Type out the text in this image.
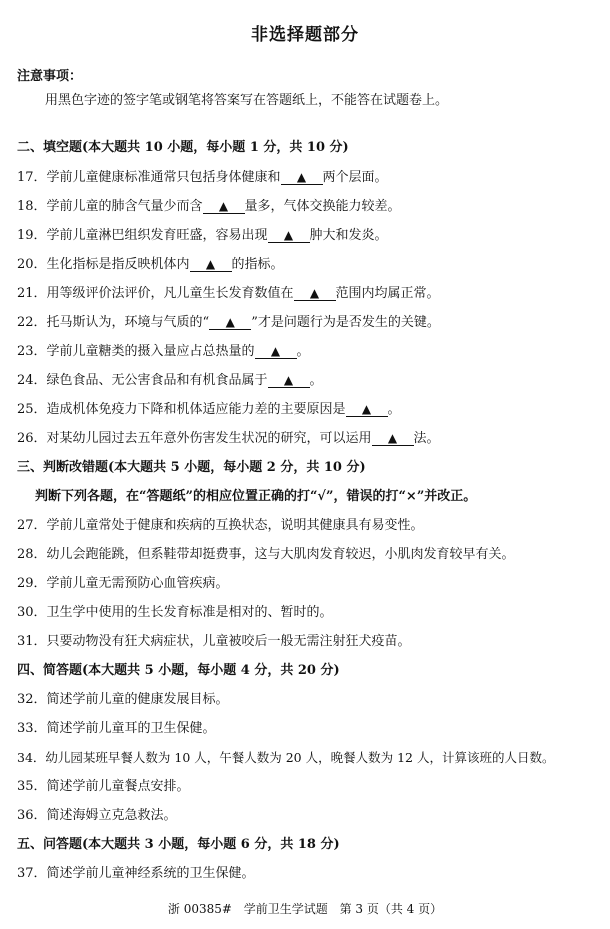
非选择题部分
注意事项：
用黑色字迹的签字笔或钢笔将答案写在答题纸上，不能答在试题卷上。
二、填空题(本大题共 10 小题，每小题 1 分，共 10 分)
17．学前儿童健康标准通常只包括身体健康和 ▲ 两个层面。
18．学前儿童的肺含气量少而含 ▲ 量多，气体交换能力较差。
19．学前儿童淋巴组织发育旺盛，容易出现 ▲ 肿大和发炎。
20．生化指标是指反映机体内 ▲ 的指标。
21．用等级评价法评价，凡儿童生长发育数值在 ▲ 范围内均属正常。
22．托马斯认为，环境与气质的“ ▲ ”才是问题行为是否发生的关键。
23．学前儿童糖类的摄入量应占总热量的 ▲ 。
24．绿色食品、无公害食品和有机食品属于 ▲ 。
25．造成机体免疫力下降和机体适应能力差的主要原因是 ▲ 。
26．对某幼儿园过去五年意外伤害发生状况的研究，可以运用 ▲ 法。
三、判断改错题(本大题共 5 小题，每小题 2 分，共 10 分)
判断下列各题，在“答题纸”的相应位置正确的打“√”，错误的打“×”并改正。
27．学前儿童常处于健康和疾病的互换状态，说明其健康具有易变性。
28．幼儿会跑能跳，但系鞋带却挺费事，这与大肌肉发育较迟，小肌肉发育较早有关。
29．学前儿童无需预防心血管疾病。
30．卫生学中使用的生长发育标准是相对的、暂时的。
31．只要动物没有狂犬病症状，儿童被咬后一般无需注射狂犬疫苗。
四、简答题(本大题共 5 小题，每小题 4 分，共 20 分)
32．简述学前儿童的健康发展目标。
33．简述学前儿童耳的卫生保健。
34．幼儿园某班早餐人数为 10 人，午餐人数为 20 人，晚餐人数为 12 人，计算该班的人日数。
35．简述学前儿童餐点安排。
36．简述海姆立克急救法。
五、问答题(本大题共 3 小题，每小题 6 分，共 18 分)
37．简述学前儿童神经系统的卫生保健。
浙 00385# 学前卫生学试题 第 3 页（共 4 页）
